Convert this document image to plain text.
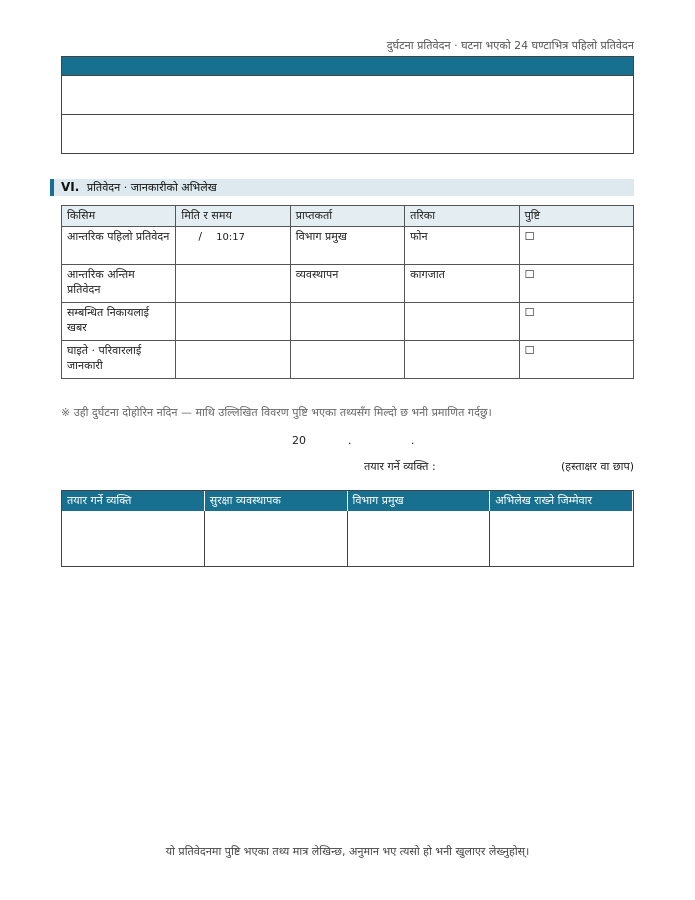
दुर्घटना प्रतिवेदन · घटना भएको 24 घण्टाभित्र पहिलो प्रतिवेदन
VI. प्रतिवेदन · जानकारीको अभिलेख
किसिम	मिति र समय	प्राप्तकर्ता	तरिका	पुष्टि
आन्तरिक पहिलो प्रतिवेदन	/ 10:17	विभाग प्रमुख	फोन	☐
आन्तरिक अन्तिम प्रतिवेदन		व्यवस्थापन	कागजात	☐
सम्बन्धित निकायलाई खबर				☐
घाइते · परिवारलाई जानकारी				☐
※ उही दुर्घटना दोहोरिन नदिन — माथि उल्लिखित विवरण पुष्टि भएका तथ्यसँग मिल्दो छ भनी प्रमाणित गर्दछु।
20	.	.
तयार गर्ने व्यक्ति :	(हस्ताक्षर वा छाप)
तयार गर्ने व्यक्ति	सुरक्षा व्यवस्थापक	विभाग प्रमुख	अभिलेख राख्ने जिम्मेवार
यो प्रतिवेदनमा पुष्टि भएका तथ्य मात्र लेखिन्छ, अनुमान भए त्यसो हो भनी खुलाएर लेख्नुहोस्।
